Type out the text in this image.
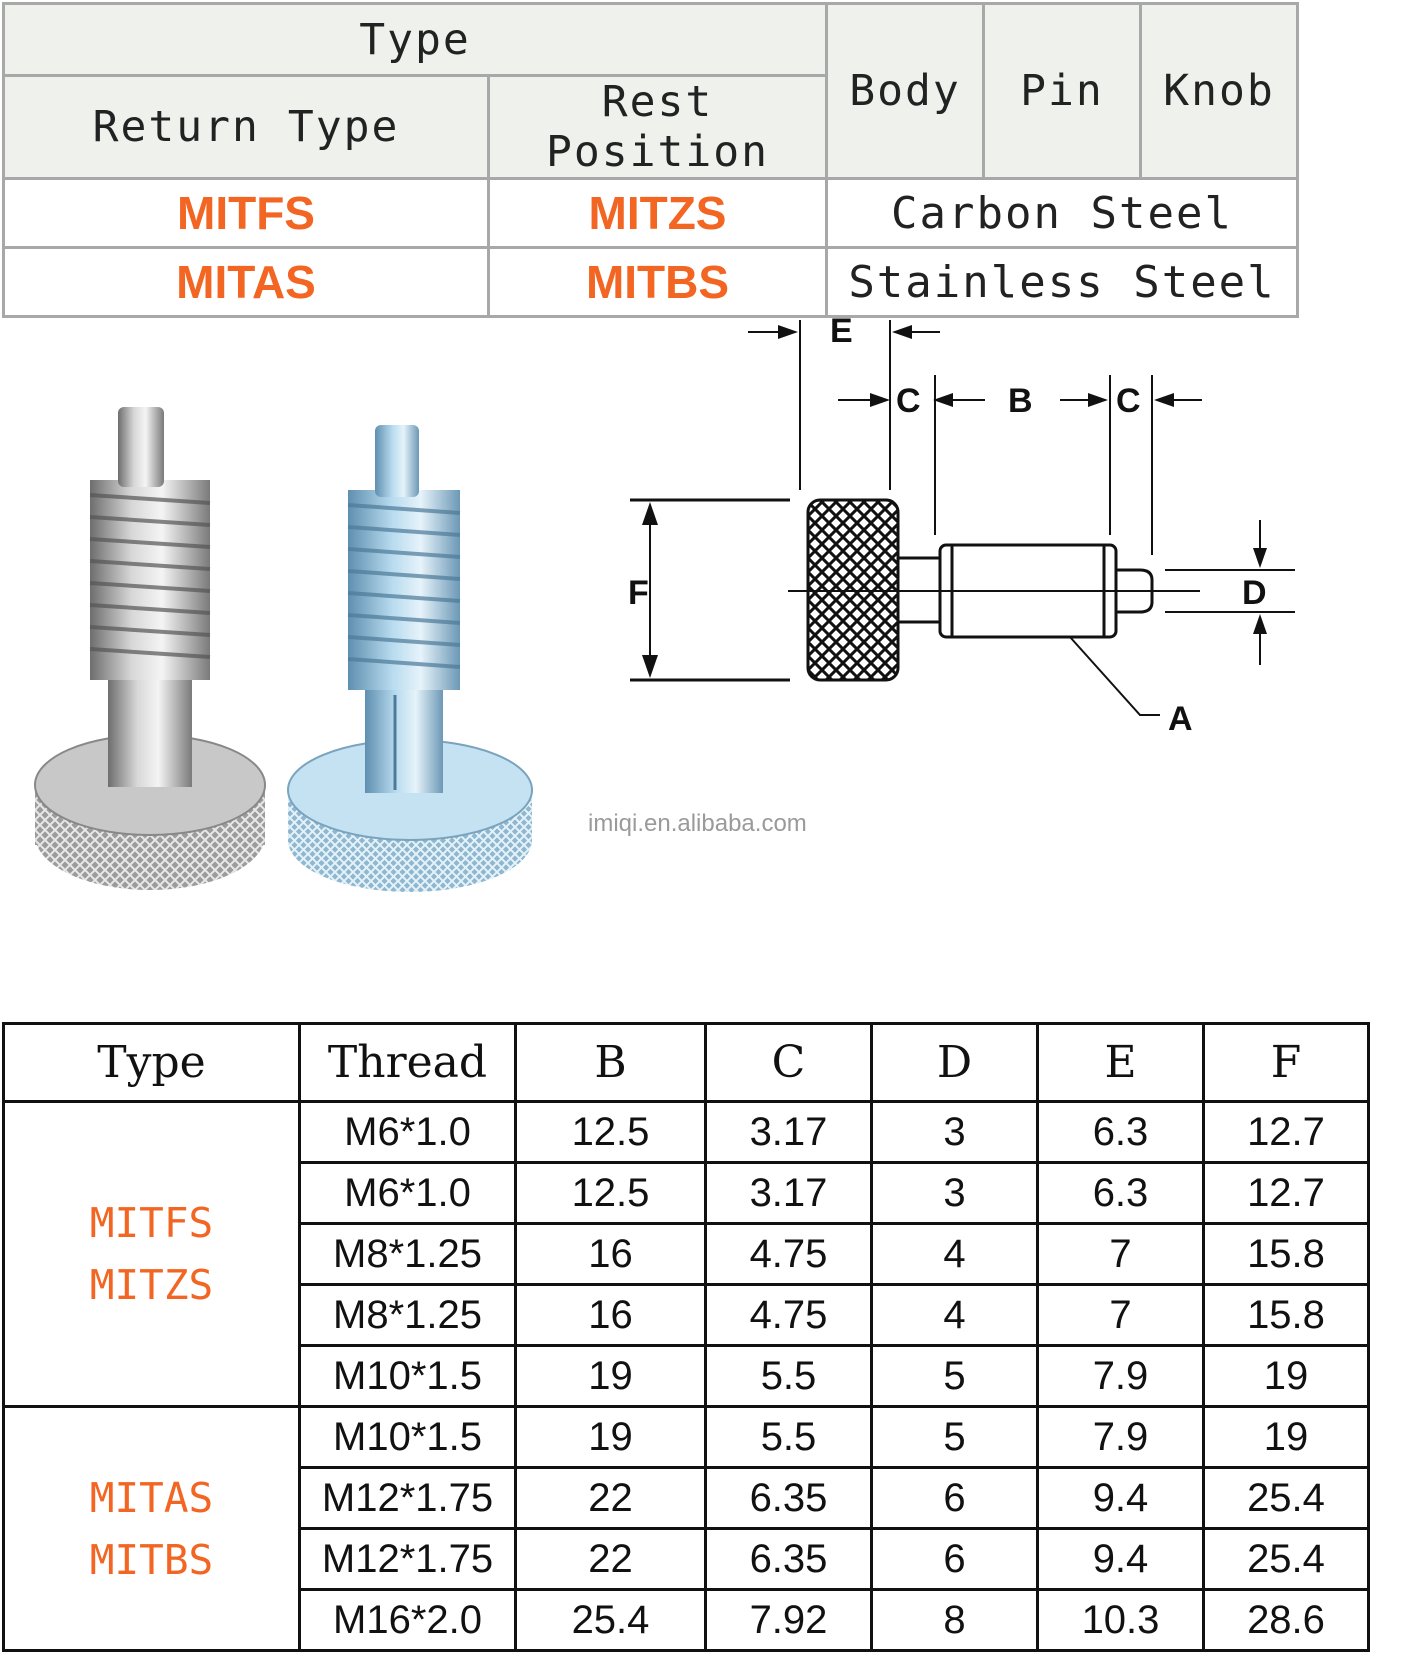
Type		Body	Pin	Knob
Return Type	Rest Position			
MITFS	MITZS	Carbon Steel		
MITAS	MITBS	Stainless Steel		
imiqi.en.alibaba.com
E
C	B C
F	D
A
Type	Thread	B	C	D	E	F

MITFS
MITZS	M6*1.0	12.5	3.17	3	6.3	12.7
	M6*1.0	12.5	3.17	3	6.3	12.7
	M8*1.25	16	4.75	4	7	15.8
	M8*1.25	16	4.75	4	7	15.8
	M10*1.5	19	5.5	5	7.9	19

MITAS
MITBS	M10*1.5	19	5.5	5	7.9	19
	M12*1.75	22	6.35	6	9.4	25.4
	M12*1.75	22	6.35	6	9.4	25.4
	M16*2.0	25.4	7.92	8	10.3	28.6
